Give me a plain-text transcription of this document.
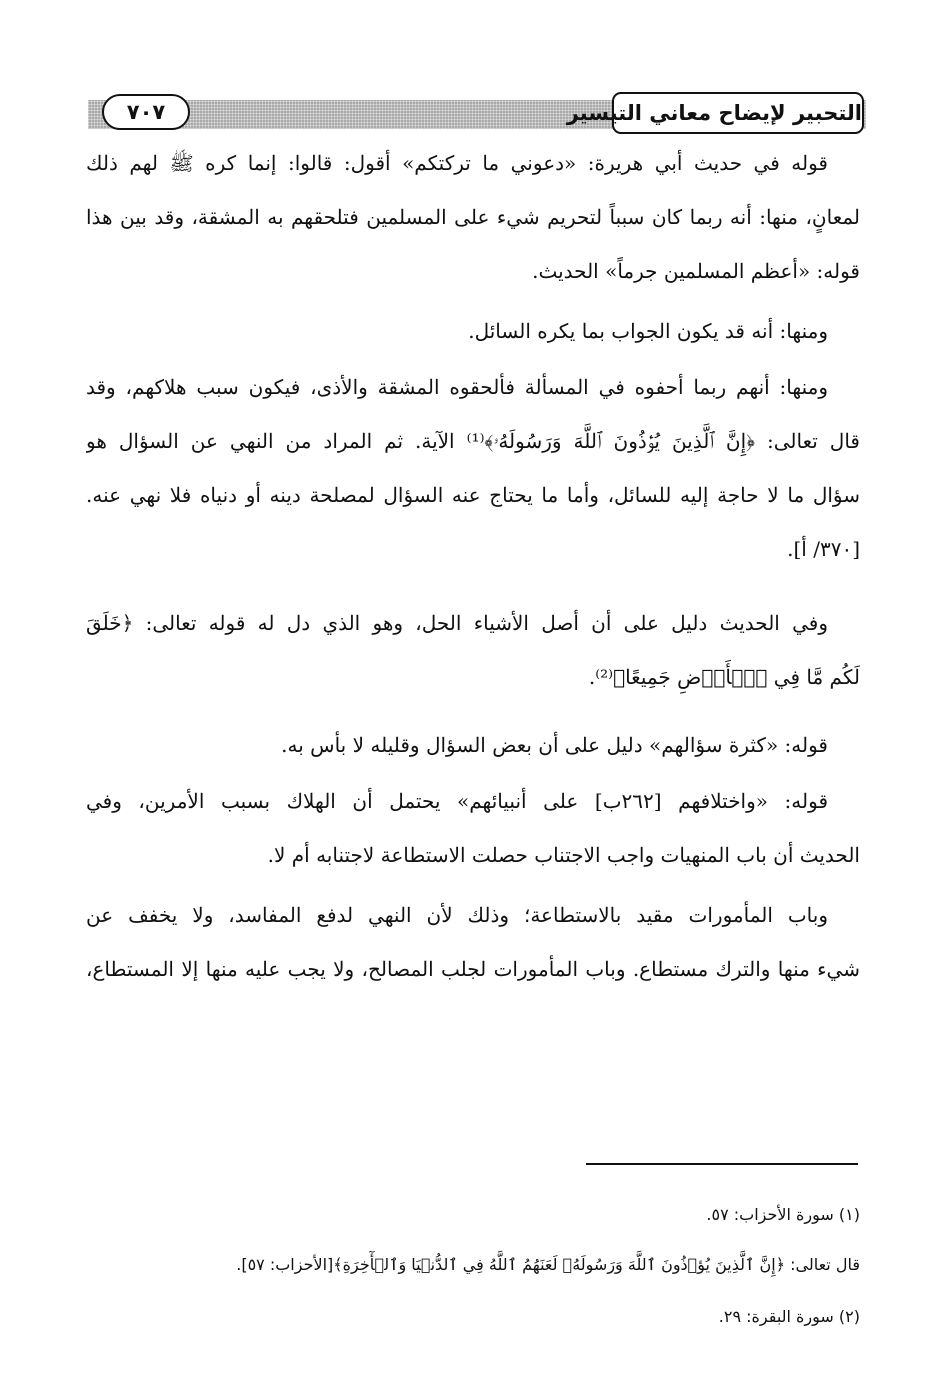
التحبير لإيضاح معاني التيسير
٧٠٧
قوله في حديث أبي هريرة: «دعوني ما تركتكم» أقول: قالوا: إنما كره ﷺ لهم ذلك
لمعانٍ، منها: أنه ربما كان سبباً لتحريم شيء على المسلمين فتلحقهم به المشقة، وقد بين هذا
قوله: «أعظم المسلمين جرماً» الحديث.
ومنها: أنه قد يكون الجواب بما يكره السائل.
ومنها: أنهم ربما أحفوه في المسألة فألحقوه المشقة والأذى، فيكون سبب هلاكهم، وقد
قال تعالى: ﴿إِنَّ ٱلَّذِينَ يُؤۡذُونَ ٱللَّهَ وَرَسُولَهُۥ﴾⁽¹⁾ الآية. ثم المراد من النهي عن السؤال هو
سؤال ما لا حاجة إليه للسائل، وأما ما يحتاج عنه السؤال لمصلحة دينه أو دنياه فلا نهي عنه.
[٣٧٠/ أ].
وفي الحديث دليل على أن أصل الأشياء الحل، وهو الذي دل له قوله تعالى: ﴿خَلَقَ
لَكُم مَّا فِي ٱلۡأَرۡضِ جَمِيعًا﴾⁽²⁾.
قوله: «كثرة سؤالهم» دليل على أن بعض السؤال وقليله لا بأس به.
قوله: «واختلافهم [٢٦٢ب] على أنبيائهم» يحتمل أن الهلاك بسبب الأمرين، وفي
الحديث أن باب المنهيات واجب الاجتناب حصلت الاستطاعة لاجتنابه أم لا.
وباب المأمورات مقيد بالاستطاعة؛ وذلك لأن النهي لدفع المفاسد، ولا يخفف عن
شيء منها والترك مستطاع. وباب المأمورات لجلب المصالح، ولا يجب عليه منها إلا المستطاع،
(١) سورة الأحزاب: ٥٧.
قال تعالى: ﴿إِنَّ ٱلَّذِينَ يُؤۡذُونَ ٱللَّهَ وَرَسُولَهُۥ لَعَنَهُمُ ٱللَّهُ فِي ٱلدُّنۡيَا وَٱلۡأٓخِرَةِ﴾[الأحزاب: ٥٧].
(٢) سورة البقرة: ٢٩.
